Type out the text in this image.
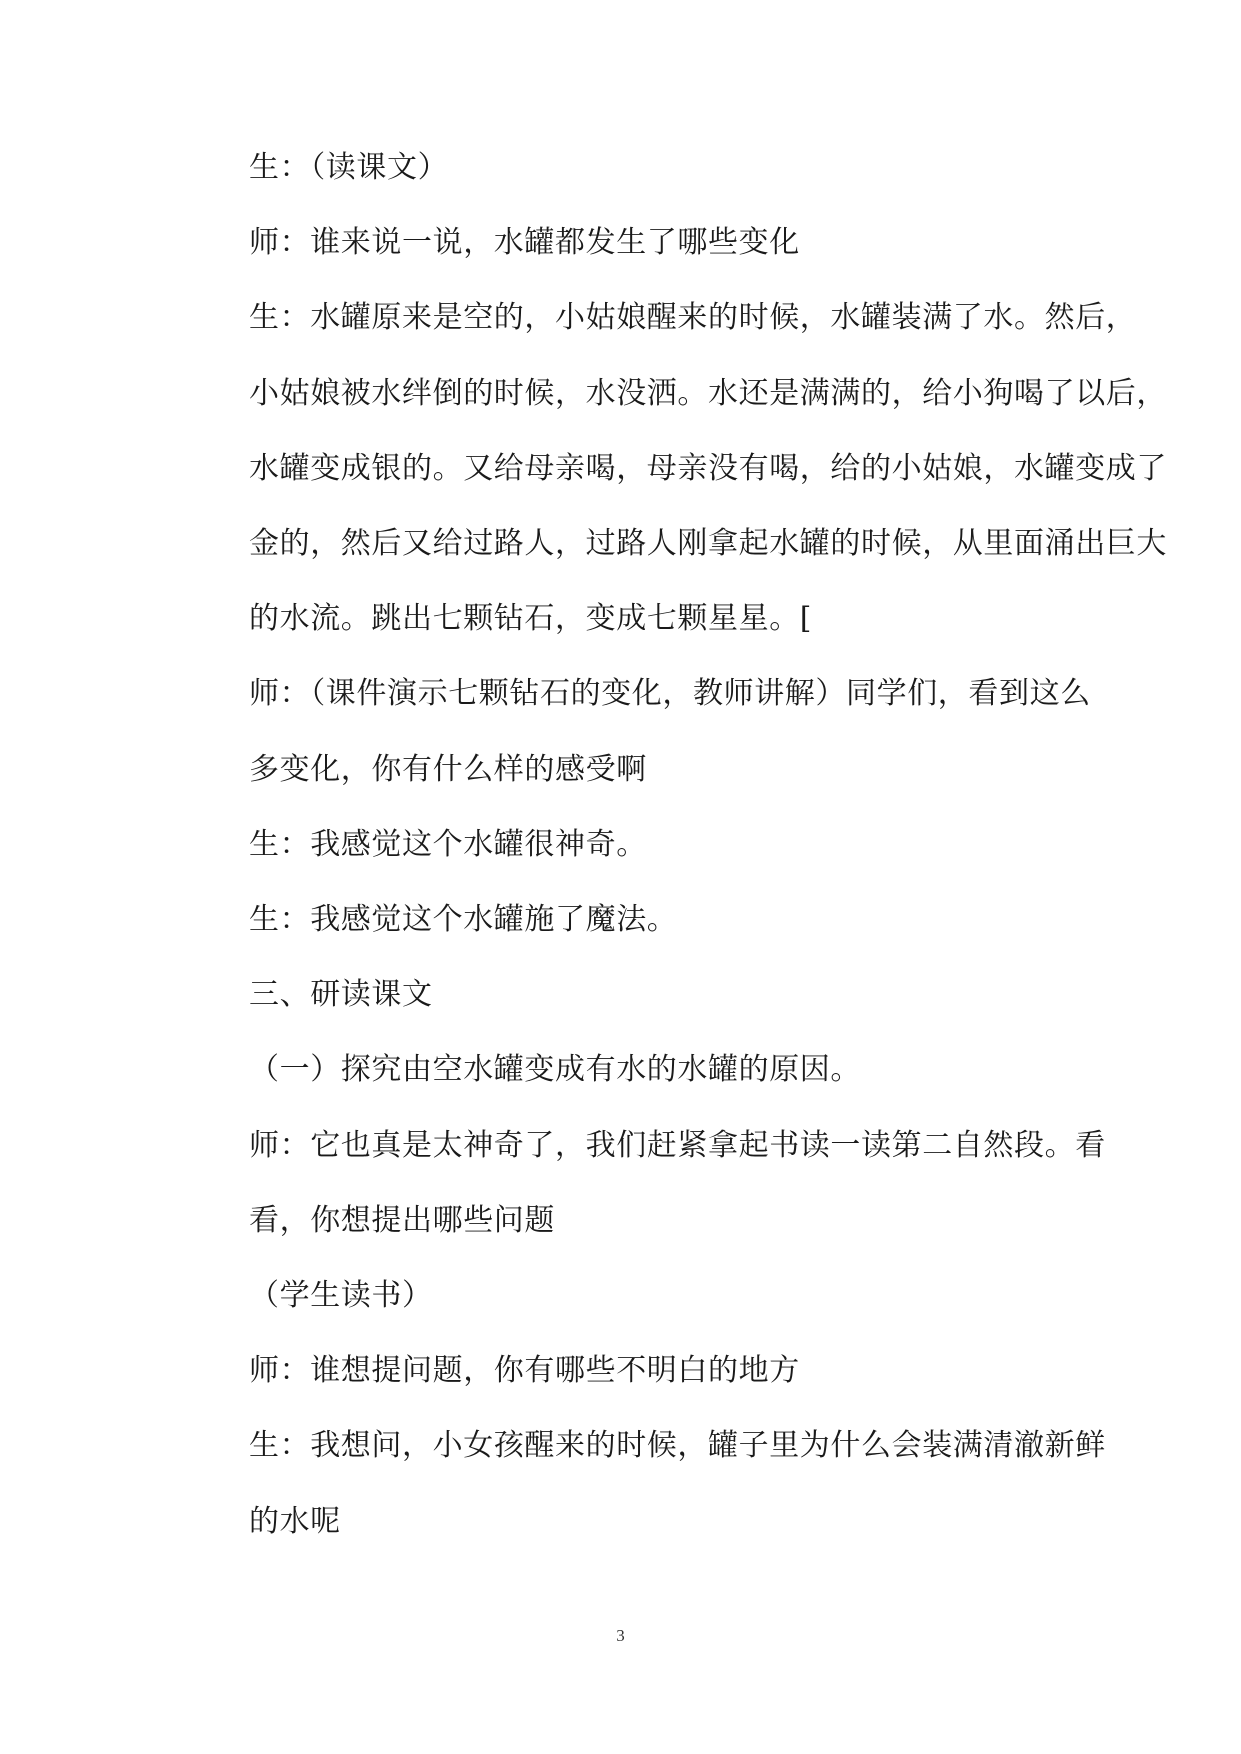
生：（读课文）

师：谁来说一说，水罐都发生了哪些变化

生：水罐原来是空的，小姑娘醒来的时候，水罐装满了水。然后，
小姑娘被水绊倒的时候，水没洒。水还是满满的，给小狗喝了以后，
水罐变成银的。又给母亲喝，母亲没有喝，给的小姑娘，水罐变成了
金的，然后又给过路人，过路人刚拿起水罐的时候，从里面涌出巨大
的水流。跳出七颗钻石，变成七颗星星。[

师：（课件演示七颗钻石的变化，教师讲解）同学们，看到这么
多变化，你有什么样的感受啊

生：我感觉这个水罐很神奇。

生：我感觉这个水罐施了魔法。

三、研读课文

（一）探究由空水罐变成有水的水罐的原因。

师：它也真是太神奇了，我们赶紧拿起书读一读第二自然段。看
看，你想提出哪些问题

（学生读书）

师：谁想提问题，你有哪些不明白的地方

生：我想问，小女孩醒来的时候，罐子里为什么会装满清澈新鲜
的水呢

3
